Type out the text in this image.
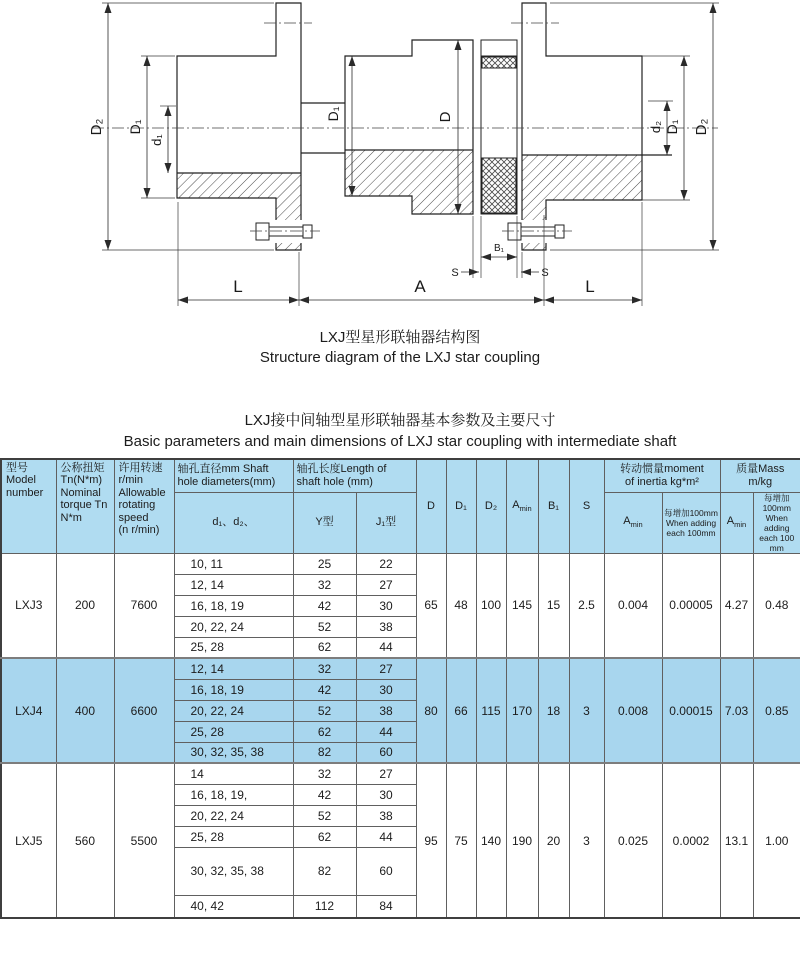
D₂ D₁
d₁
D₁	D
d₂ D₁ D₂
B₁
S	S
L	A	L
LXJ型星形联轴器结构图
Structure diagram of the LXJ star coupling
LXJ接中间轴型星形联轴器基本参数及主要尺寸
Basic parameters and main dimensions of LXJ star coupling with intermediate shaft
型号
Model
number

公称扭矩
Tn(N*m)
Nominal
torque Tn
N*m

许用转速
r/min
Allowable
rotating
speed
(n r/min)

轴孔直径mm Shaft
hole diameters(mm)

轴孔长度Length of
shaft hole (mm)
	D	D₁	D₂	$A_{min}$	B₁	S	
转动惯量moment
of inertia kg*m²

质量Mass
m/kg

d₁、d₂、	Y型	J₁型	$A_{min}$	
每增加100mm
When adding
each 100mm
	$A_{min}$	
每增加100mm
When adding
each 100 mm

LXJ3	200	7600	10, 11	25	22	65	48	100	145	15	2.5	0.004	0.00005	4.27	0.48
			12, 14	32	27										
			16, 18, 19	42	30										
			20, 22, 24	52	38										
			25, 28	62	44										
LXJ4	400	6600	12, 14	32	27	80	66	115	170	18	3	0.008	0.00015	7.03	0.85
			16, 18, 19	42	30										
			20, 22, 24	52	38										
			25, 28	62	44										
			30, 32, 35, 38	82	60										
LXJ5	560	5500	14	32	27	95	75	140	190	20	3	0.025	0.0002	13.1	1.00
			16, 18, 19,	42	30										
			20, 22, 24	52	38										
			25, 28	62	44										
			30, 32, 35, 38	82	60										
			40, 42	112	84										
